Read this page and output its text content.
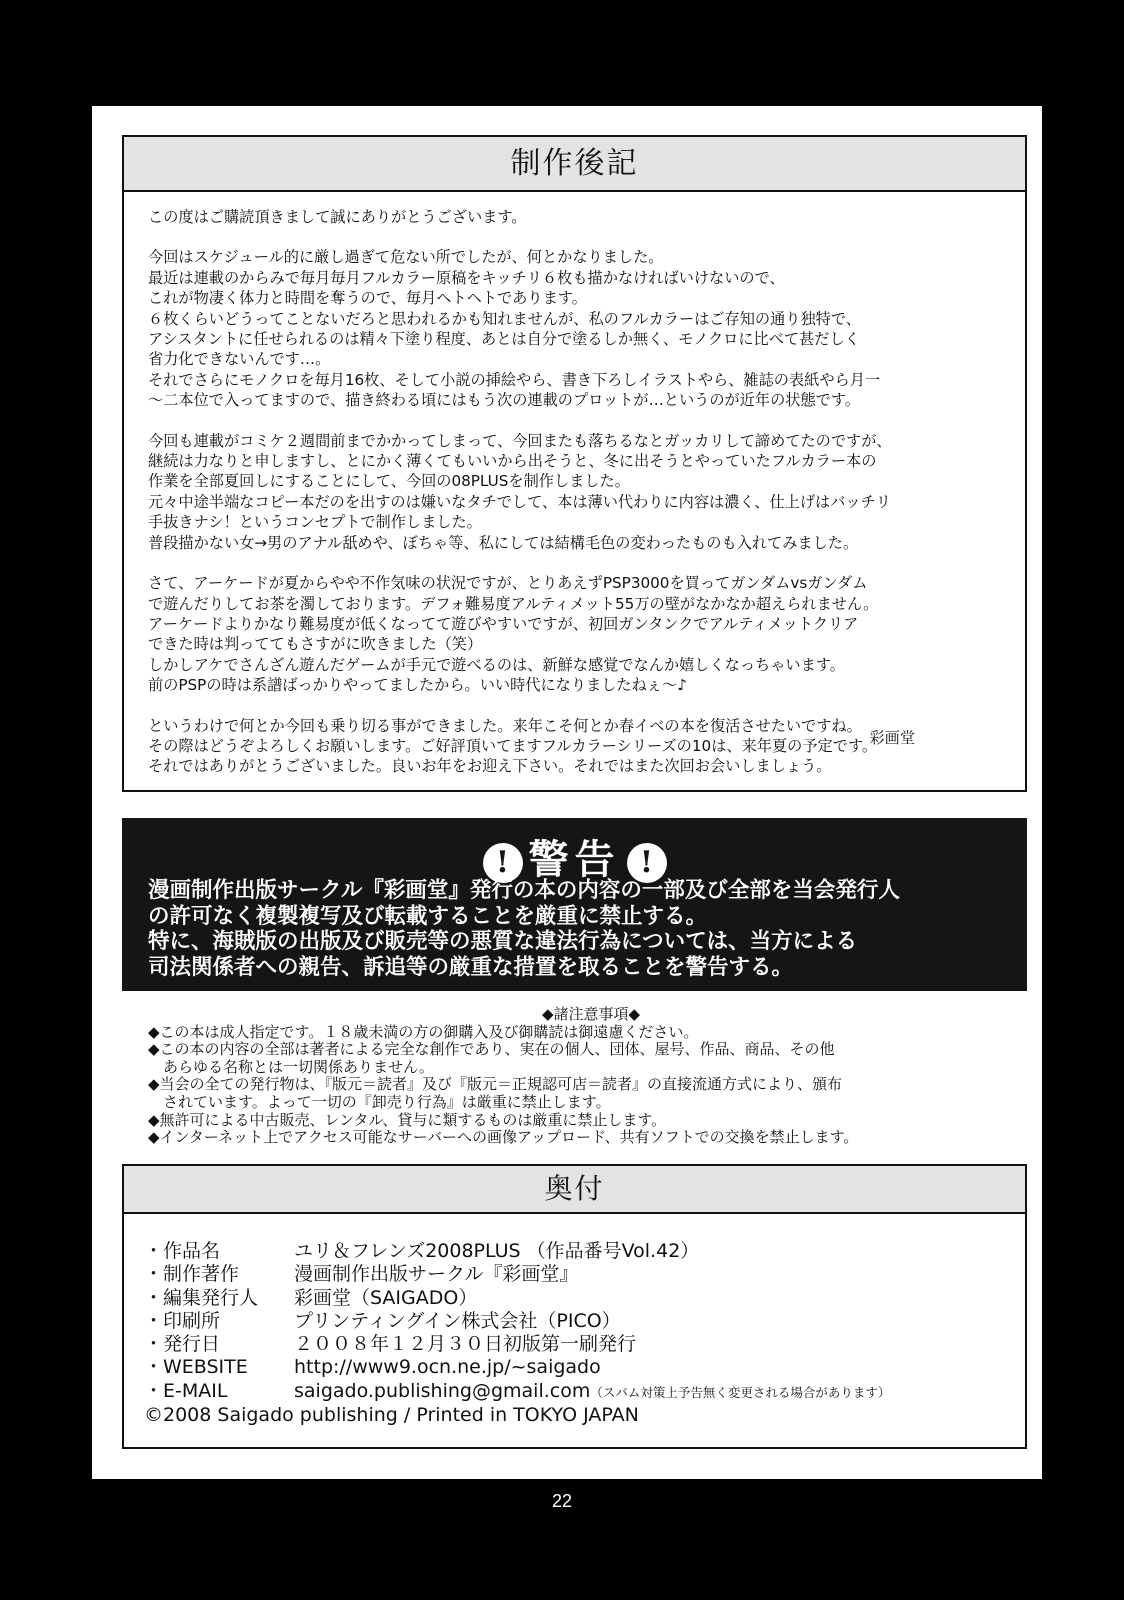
制作後記

この度はご購読頂きまして誠にありがとうございます。

今回はスケジュール的に厳し過ぎて危ない所でしたが、何とかなりました。

最近は連載のからみで毎月毎月フルカラー原稿をキッチリ６枚も描かなければいけないので、

これが物凄く体力と時間を奪うので、毎月ヘトヘトであります。

６枚くらいどうってことないだろと思われるかも知れませんが、私のフルカラーはご存知の通り独特で、

アシスタントに任せられるのは精々下塗り程度、あとは自分で塗るしか無く、モノクロに比べて甚だしく

省力化できないんです…。

それでさらにモノクロを毎月16枚、そして小説の挿絵やら、書き下ろしイラストやら、雑誌の表紙やら月一

～二本位で入ってますので、描き終わる頃にはもう次の連載のプロットが…というのが近年の状態です。

今回も連載がコミケ２週間前までかかってしまって、今回またも落ちるなとガッカリして諦めてたのですが、

継続は力なりと申しますし、とにかく薄くてもいいから出そうと、冬に出そうとやっていたフルカラー本の

作業を全部夏回しにすることにして、今回の08PLUSを制作しました。

元々中途半端なコピー本だのを出すのは嫌いなタチでして、本は薄い代わりに内容は濃く、仕上げはバッチリ

手抜きナシ！というコンセプトで制作しました。

普段描かない女→男のアナル舐めや、ぼちゃ等、私にしては結構毛色の変わったものも入れてみました。

さて、アーケードが夏からやや不作気味の状況ですが、とりあえずPSP3000を買ってガンダムvsガンダム

で遊んだりしてお茶を濁しております。デフォ難易度アルティメット55万の壁がなかなか超えられません。

アーケードよりかなり難易度が低くなってて遊びやすいですが、初回ガンタンクでアルティメットクリア

できた時は判っててもさすがに吹きました（笑）

しかしアケでさんざん遊んだゲームが手元で遊べるのは、新鮮な感覚でなんか嬉しくなっちゃいます。

前のPSPの時は系譜ばっかりやってましたから。いい時代になりましたねぇ～♪

というわけで何とか今回も乗り切る事ができました。来年こそ何とか春イベの本を復活させたいですね。

その際はどうぞよろしくお願いします。ご好評頂いてますフルカラーシリーズの10は、来年夏の予定です。

それではありがとうございました。良いお年をお迎え下さい。それではまた次回お会いしましょう。

彩画堂
! 警告 !

漫画制作出版サークル『彩画堂』発行の本の内容の一部及び全部を当会発行人

の許可なく複製複写及び転載することを厳重に禁止する。

特に、海賊版の出版及び販売等の悪質な違法行為については、当方による

司法関係者への親告、訴追等の厳重な措置を取ることを警告する。

◆諸注意事項◆

◆この本は成人指定です。１８歳未満の方の御購入及び御購読は御遠慮ください。

◆この本の内容の全部は著者による完全な創作であり、実在の個人、団体、屋号、作品、商品、その他

　あらゆる名称とは一切関係ありません。

◆当会の全ての発行物は、『版元＝読者』及び『版元＝正規認可店＝読者』の直接流通方式により、頒布

　されています。よって一切の『卸売り行為』は厳重に禁止します。

◆無許可による中古販売、レンタル、貸与に類するものは厳重に禁止します。

◆インターネット上でアクセス可能なサーバーへの画像アップロード、共有ソフトでの交換を禁止します。

奥付
・作品名	ユリ＆フレンズ2008PLUS （作品番号Vol.42）
・制作著作	漫画制作出版サークル『彩画堂』
・編集発行人	彩画堂（SAIGADO）
・印刷所	プリンティングイン株式会社（PICO）
・発行日	２００８年１２月３０日初版第一刷発行
・WEBSITE	http://www9.ocn.ne.jp/~saigado
・E-MAIL	saigado.publishing@gmail.com（スパム対策上予告無く変更される場合があります）
©2008 Saigado publishing / Printed in TOKYO JAPAN
22
